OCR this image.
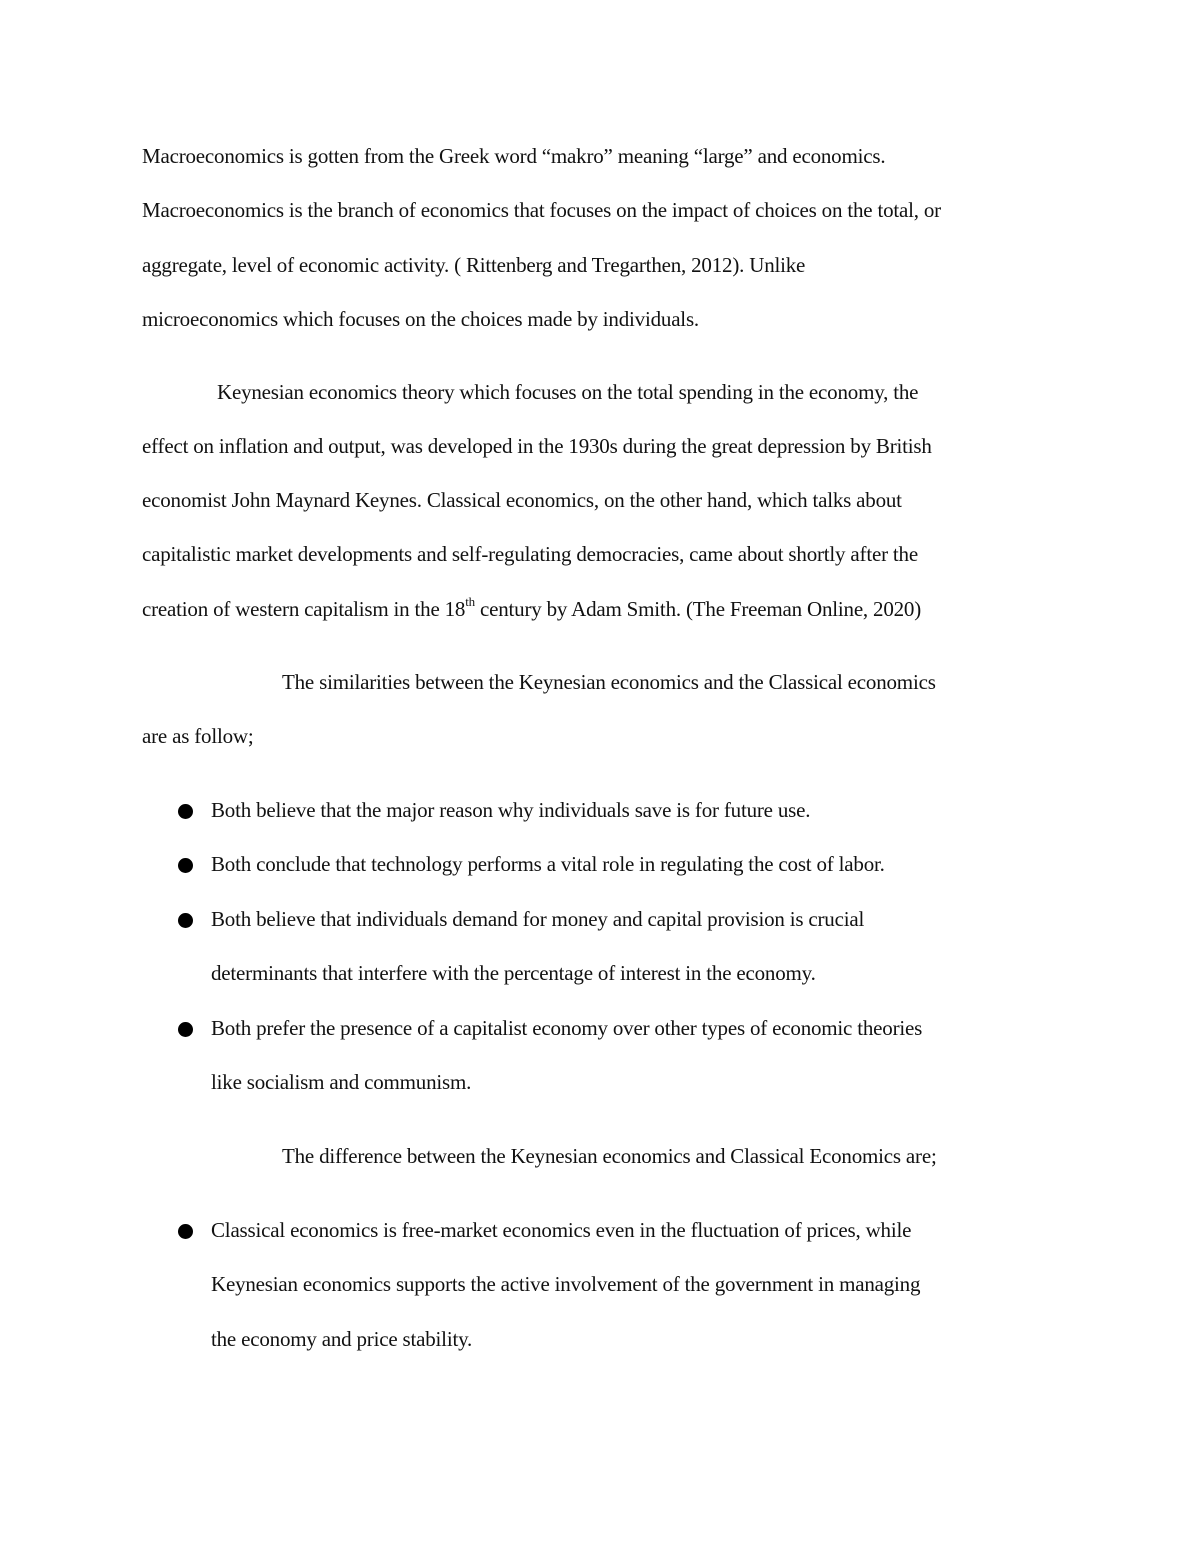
Macroeconomics is gotten from the Greek word “makro” meaning “large” and economics.
Macroeconomics is the branch of economics that focuses on the impact of choices on the total, or
aggregate, level of economic activity. ( Rittenberg and Tregarthen, 2012). Unlike
microeconomics which focuses on the choices made by individuals.
Keynesian economics theory which focuses on the total spending in the economy, the
effect on inflation and output, was developed in the 1930s during the great depression by British
economist John Maynard Keynes. Classical economics, on the other hand, which talks about
capitalistic market developments and self-regulating democracies, came about shortly after the
creation of western capitalism in the 18th century by Adam Smith. (The Freeman Online, 2020)
The similarities between the Keynesian economics and the Classical economics
are as follow;
Both believe that the major reason why individuals save is for future use.
Both conclude that technology performs a vital role in regulating the cost of labor.
Both believe that individuals demand for money and capital provision is crucial
determinants that interfere with the percentage of interest in the economy.
Both prefer the presence of a capitalist economy over other types of economic theories
like socialism and communism.
The difference between the Keynesian economics and Classical Economics are;
Classical economics is free-market economics even in the fluctuation of prices, while
Keynesian economics supports the active involvement of the government in managing
the economy and price stability.
